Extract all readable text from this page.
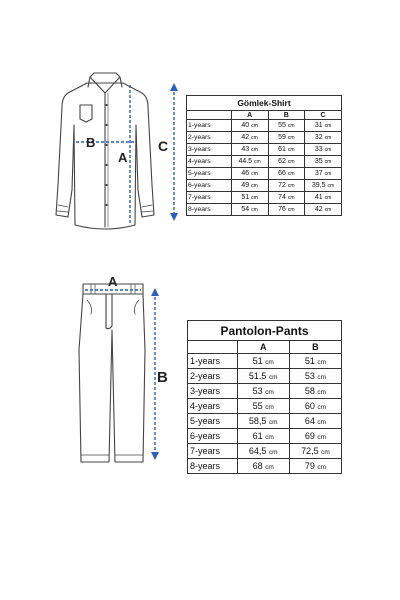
B
A
C
Gömlek-Shirt			
	A	B	C
1-years	40 cm	55 cm	31 cm
2-years	42 cm	59 cm	32 cm
3-years	43 cm	61 cm	33 cm
4-years	44.5 cm	62 cm	35 cm
5-years	46 cm	66 cm	37 cm
6-years	49 cm	72 cm	39,5 cm
7-years	51 cm	74 cm	41 cm
8-years	54 cm	76 cm	42 cm
A
B
Pantolon-Pants		
	A	B
1-years	51 cm	51 cm
2-years	51.5 cm	53 cm
3-years	53 cm	58 cm
4-years	55 cm	60 cm
5-years	58,5 cm	64 cm
6-years	61 cm	69 cm
7-years	64,5 cm	72,5 cm
8-years	68 cm	79 cm
